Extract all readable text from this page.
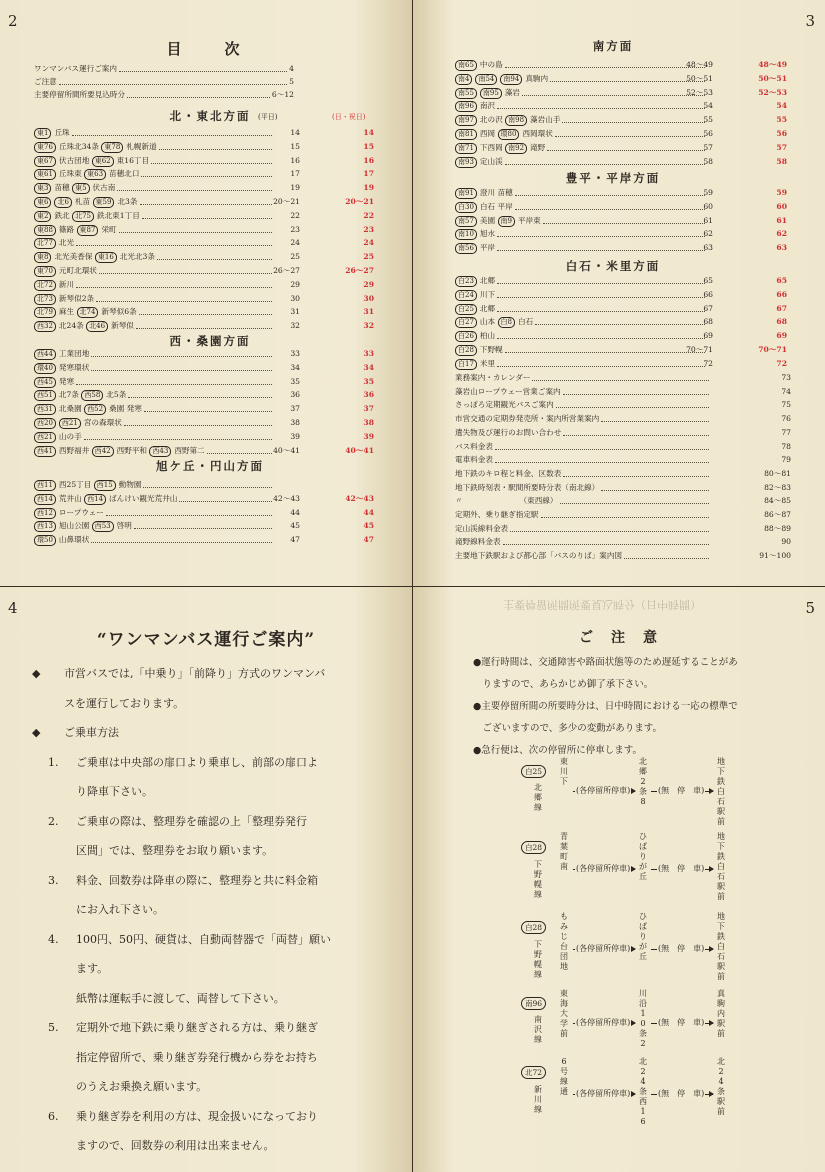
2
目　次
ワンマンバス運行ご案内	4
ご注意	5
主要停留所間所要見込時分	6～12
北・東北方面	(平日)	(日・祝日)
東1 丘珠	14	14
東76 丘珠北34条 東78 札幌新道	15	15
東67 伏古団地 東62 東16丁目	16	16
東61 丘珠東 東63 苗穂北口	17	17
東3 苗穂 東5 伏古南	19	19
東6 北6 札苗 東59 北3条	20～21	20～21
東2 鉄北 北75 鉄北東1丁目	22	22
東88 篠路 東87 栄町	23	23
北77 北光	24	24
東8 北光美香保 東16 北光北3条	25	25
東70 元町北環状	26～27	26～27
北72 新川	29	29
北73 新琴似2条	30	30
北79 麻生 北74 新琴似6条	31	31
西32 北24条 北46 新琴似	32	32
西・桑園方面
西44 工業団地	33	33
環40 発寒環状	34	34
西45 発寒	35	35
西51 北7条 西58 北5条	36	36
西31 北桑園 西52 桑園 発寒	37	37
西20 西21 宮の森環状	38	38
西21 山の手	39	39
西41 西野福井 西42 西野平和 西43 西野第二	40～41	40～41
旭ケ丘・円山方面
西11 西25丁目 西15 動物園
西14 荒井山 西14 ばんけい観光荒井山	42～43	42～43
西12 ロープウェー	44	44
西13 旭山公園 西53 啓明	45	45
環50 山鼻環状	47	47
3
南方面
南65 中の島	48～49	48～49
南4 南54 南94 真駒内	50～51	50～51
南55 南95 藻岩	52～53	52～53
南96 南沢	54	54
南97 北の沢 南98 藻岩山手	55	55
南81 西岡 環80 西岡環状	56	56
南71 下西岡 南92 滝野	57	57
南93 定山渓	58	58
豊平・平岸方面
南91 澄川 苗穂	59	59
白30 白石 平岸	60	60
南57 美園 南9 平岸東	61	61
南10 旭水	62	62
南56 平岸	63	63
白石・米里方面
白23 北郷	65	65
白24 川下	66	66
白25 北郷	67	67
白27 山本 白8 白石	68	68
白26 柏山	69	69
白28 下野幌	70～71	70～71
白17 米里	72	72
業務案内・カレンダー	73
藻岩山ロープウェー営業ご案内	74
さっぽろ定期観光バスご案内	75
市営交通の定期券発売所・案内所営業案内	76
遺失物及び運行のお問い合わせ	77
バス料金表	78
電車料金表	79
地下鉄のキロ程と料金、区数表	80～81
地下鉄時刻表・駅間所要時分表（南北線）	82～83
〃　　　　　　　　（東西線）	84～85
定期外、乗り継ぎ指定駅	86～87
定山渓線料金表	88～89
滝野線料金表	90
主要地下鉄駅および都心部「バスのりば」案内図	91～100
4
“ワンマンバス運行ご案内”
◆ 市営バスでは,「中乗り」「前降り」方式のワンマンバ
スを運行しております。
◆ ご乗車方法
1. ご乗車は中央部の扉口より乗車し、前部の扉口よ
り降車下さい。
2. ご乗車の際は、整理券を確認の上「整理券発行
区間」では、整理券をお取り願います。
3. 料金、回数券は降車の際に、整理券と共に料金箱
にお入れ下さい。
4. 100円、50円、硬貨は、自動両替器で「両替」願い
ます。
紙幣は運転手に渡して、両替して下さい。
5. 定期外で地下鉄に乗り継ぎされる方は、乗り継ぎ
指定停留所で、乗り継ぎ券発行機から券をお持ち
のうえお乗換え願います。
6. 乗り継ぎ券を利用の方は、現金扱いになっており
ますので、回数券の利用は出来ません。
5
主要停留所間所要見込時分（日中時間）
ご　注　意
●運行時間は、交通障害や路面状態等のため遅延することがあ
　りますので、あらかじめ御了承下さい。
●主要停留所間の所要時分は、日中時間における一応の標準で
　ございますので、多少の変動があります。
●急行便は、次の停留所に停車します。
白25
北郷線
東川下
北郷2条8
地下鉄白石駅前
(各停留所停車)	(無　停　車)
白28
下野幌線
青葉町南
ひばりが丘
地下鉄白石駅前
(各停留所停車)	(無　停　車)
白28
下野幌線
もみじ台団地
ひばりが丘
地下鉄白石駅前
(各停留所停車)	(無　停　車)
南96
南沢線
東海大学前
川沿10条2
真駒内駅前
(各停留所停車)	(無　停　車)
北72
新川線
6号線通
北24条西16
北24条駅前
(各停留所停車)	(無　停　車)
